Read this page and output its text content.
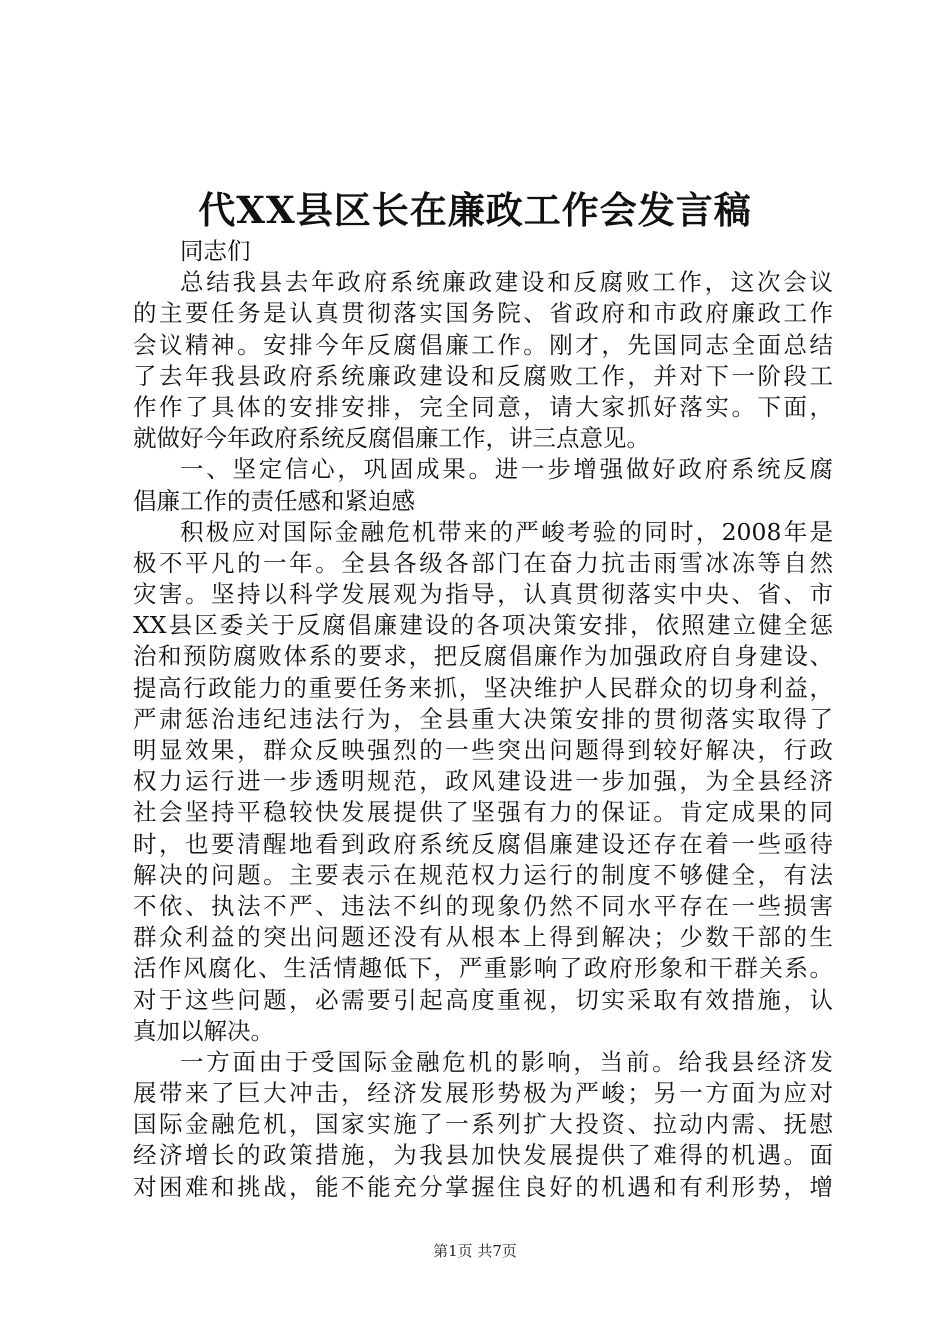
代XX县区长在廉政工作会发言稿
同志们
总结我县去年政府系统廉政建设和反腐败工作，这次会议
的主要任务是认真贯彻落实国务院、省政府和市政府廉政工作
会议精神。安排今年反腐倡廉工作。刚才，先国同志全面总结
了去年我县政府系统廉政建设和反腐败工作，并对下一阶段工
作作了具体的安排安排，完全同意，请大家抓好落实。下面，
就做好今年政府系统反腐倡廉工作，讲三点意见。
一、坚定信心，巩固成果。进一步增强做好政府系统反腐
倡廉工作的责任感和紧迫感
积极应对国际金融危机带来的严峻考验的同时，2008年是
极不平凡的一年。全县各级各部门在奋力抗击雨雪冰冻等自然
灾害。坚持以科学发展观为指导，认真贯彻落实中央、省、市
XX县区委关于反腐倡廉建设的各项决策安排，依照建立健全惩
治和预防腐败体系的要求，把反腐倡廉作为加强政府自身建设、
提高行政能力的重要任务来抓，坚决维护人民群众的切身利益，
严肃惩治违纪违法行为，全县重大决策安排的贯彻落实取得了
明显效果，群众反映强烈的一些突出问题得到较好解决，行政
权力运行进一步透明规范，政风建设进一步加强，为全县经济
社会坚持平稳较快发展提供了坚强有力的保证。肯定成果的同
时，也要清醒地看到政府系统反腐倡廉建设还存在着一些亟待
解决的问题。主要表示在规范权力运行的制度不够健全，有法
不依、执法不严、违法不纠的现象仍然不同水平存在一些损害
群众利益的突出问题还没有从根本上得到解决；少数干部的生
活作风腐化、生活情趣低下，严重影响了政府形象和干群关系。
对于这些问题，必需要引起高度重视，切实采取有效措施，认
真加以解决。
一方面由于受国际金融危机的影响，当前。给我县经济发
展带来了巨大冲击，经济发展形势极为严峻；另一方面为应对
国际金融危机，国家实施了一系列扩大投资、拉动内需、抚慰
经济增长的政策措施，为我县加快发展提供了难得的机遇。面
对困难和挑战，能不能充分掌握住良好的机遇和有利形势，增
第1页 共7页
